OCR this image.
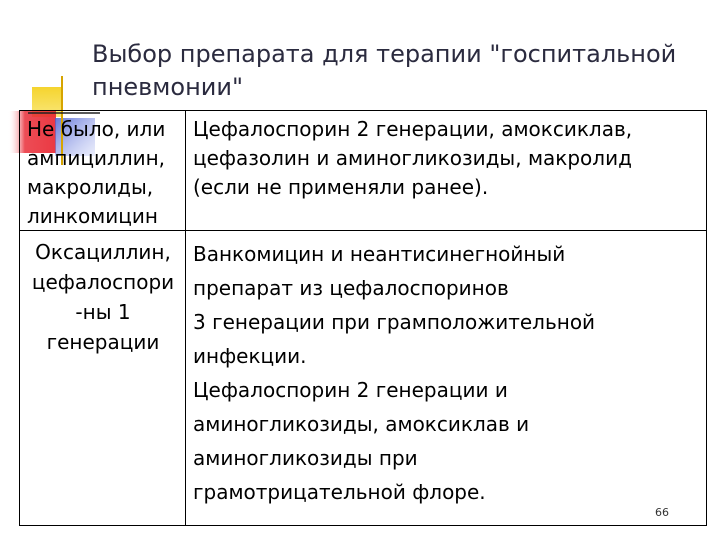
Выбор препарата для терапии "госпитальной
пневмонии"
Не было, или
ампициллин,
макролиды,
линкомицин
Цефалоспорин 2 генерации, амоксиклав,
цефазолин и аминогликозиды, макролид
(если не применяли ранее).
Оксациллин,
цефалоспори
-ны 1
генерации
Ванкомицин и неантисинегнойный
препарат из цефалоспоринов
3 генерации при грамположительной
инфекции.
Цефалоспорин 2 генерации и
аминогликозиды, амоксиклав и
аминогликозиды при
грамотрицательной флоре.
66
